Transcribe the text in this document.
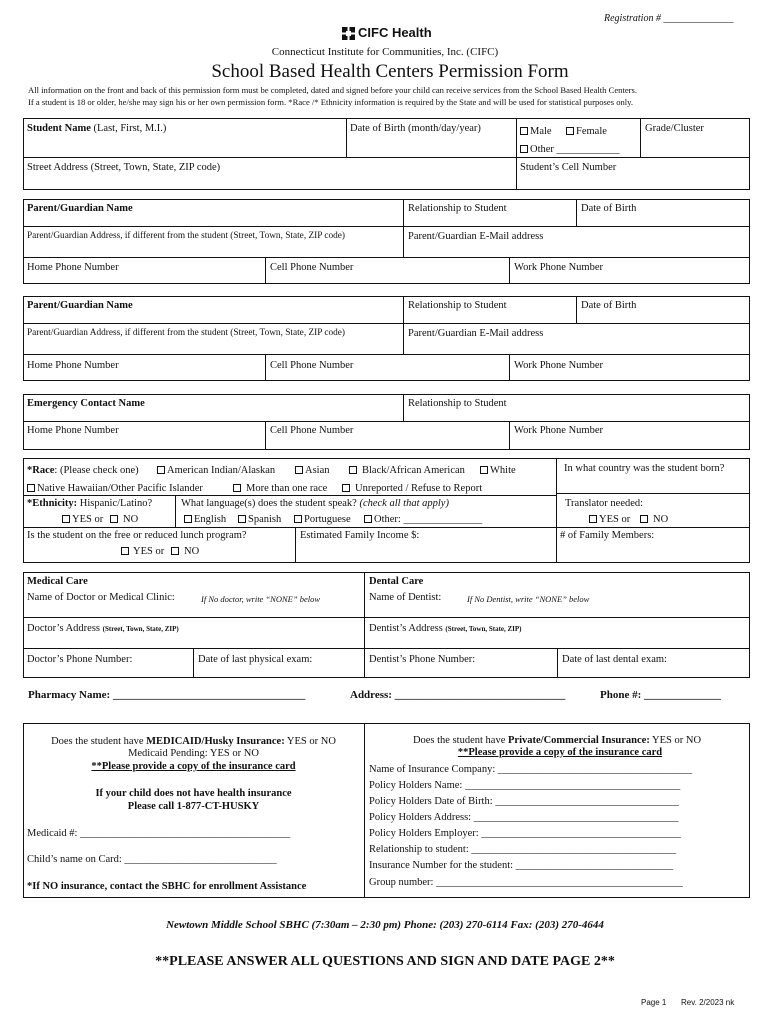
Registration # ______________
CIFC Health
Connecticut Institute for Communities, Inc. (CIFC)
School Based Health Centers Permission Form
All information on the front and back of this permission form must be completed, dated and signed before your child can receive services from the School Based Health Centers.
If a student is 18 or older, he/she may sign his or her own permission form. *Race /* Ethnicity information is required by the State and will be used for statistical purposes only.
Student Name (Last, First, M.I.)	Date of Birth (month/day/year)	Male	Female
Other ____________
Grade/Cluster
Street Address (Street, Town, State, ZIP code)	Student’s Cell Number
Parent/Guardian Name	Relationship to Student	Date of Birth
Parent/Guardian Address, if different from the student (Street, Town, State, ZIP code)	Parent/Guardian E-Mail address
Home Phone Number	Cell Phone Number	Work Phone Number
Parent/Guardian Name	Relationship to Student	Date of Birth
Parent/Guardian Address, if different from the student (Street, Town, State, ZIP code)	Parent/Guardian E-Mail address
Home Phone Number	Cell Phone Number	Work Phone Number
Emergency Contact Name	Relationship to Student
Home Phone Number	Cell Phone Number	Work Phone Number
*Race: (Please check one)	American Indian/Alaskan	Asian	Black/African American	White
Native Hawaiian/Other Pacific Islander	More than one race	Unreported / Refuse to Report
In what country was the student born?
*Ethnicity: Hispanic/Latino?
YES or	NO
What language(s) does the student speak? (check all that apply)
English	Spanish	Portuguese	Other: _______________
Translator needed:
YES or	NO
Is the student on the free or reduced lunch program?
YES or	NO
Estimated Family Income $:	# of Family Members:
Medical Care	Dental Care
Name of Doctor or Medical Clinic:	If No doctor, write “NONE” below	Name of Dentist:	If No Dentist, write “NONE” below
Doctor’s Address (Street, Town, State, ZIP)	Dentist’s Address (Street, Town, State, ZIP)
Doctor’s Phone Number:	Date of last physical exam:	Dentist’s Phone Number:	Date of last dental exam:
Pharmacy Name: ___________________________________	Address: _______________________________	Phone #: ______________
Does the student have MEDICAID/Husky Insurance: YES or NO
Medicaid Pending: YES or NO
**Please provide a copy of the insurance card
If your child does not have health insurance
Please call 1-877-CT-HUSKY
Medicaid #: ________________________________________
Child’s name on Card: _____________________________
*If NO insurance, contact the SBHC for enrollment Assistance
Does the student have Private/Commercial Insurance: YES or NO
**Please provide a copy of the insurance card
Name of Insurance Company: _____________________________________
Policy Holders Name: _________________________________________
Policy Holders Date of Birth: ___________________________________
Policy Holders Address: _______________________________________
Policy Holders Employer: ______________________________________
Relationship to student: _______________________________________
Insurance Number for the student: ______________________________
Group number: _______________________________________________
Newtown Middle School SBHC (7:30am – 2:30 pm) Phone: (203) 270-6114 Fax: (203) 270-4644
**PLEASE ANSWER ALL QUESTIONS AND SIGN AND DATE PAGE 2**
Page 1 Rev. 2/2023 nk
